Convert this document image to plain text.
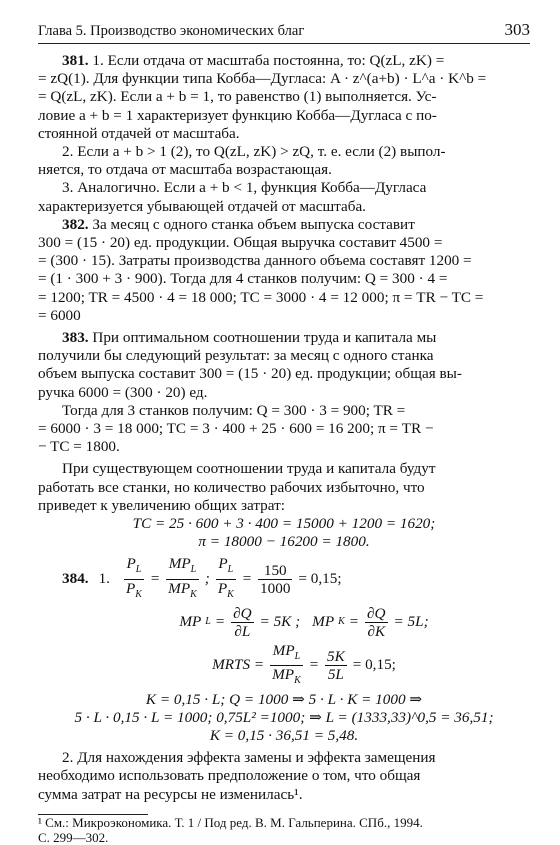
Глава 5. Производство экономических благ	303

381. 1. Если отдача от масштаба постоянна, то: Q(zL, zK) =

= zQ(1). Для функции типа Кобба—Дугласа: A · z^(a+b) · L^a · K^b =

= Q(zL, zK). Если a + b = 1, то равенство (1) выполняется. Ус-

ловие a + b = 1 характеризует функцию Кобба—Дугласа с по-

стоянной отдачей от масштаба.

2. Если a + b > 1 (2), то Q(zL, zK) > zQ, т. е. если (2) выпол-

няется, то отдача от масштаба возрастающая.

3. Аналогично. Если a + b < 1, функция Кобба—Дугласа

характеризуется убывающей отдачей от масштаба.

382. За месяц с одного станка объем выпуска составит

300 = (15 · 20) ед. продукции. Общая выручка составит 4500 =

= (300 · 15). Затраты производства данного объема составят 1200 =

= (1 · 300 + 3 · 900). Тогда для 4 станков получим: Q = 300 · 4 =

= 1200; TR = 4500 · 4 = 18 000; TC = 3000 · 4 = 12 000; π = TR − TC =

= 6000

383. При оптимальном соотношении труда и капитала мы

получили бы следующий результат: за месяц с одного станка

объем выпуска составит 300 = (15 · 20) ед. продукции; общая вы-

ручка 6000 = (300 · 20) ед.

Тогда для 3 станков получим: Q = 300 · 3 = 900; TR =

= 6000 · 3 = 18 000; TC = 3 · 400 + 25 · 600 = 16 200; π = TR −

− TC = 1800.

При существующем соотношении труда и капитала будут

работать все станки, но количество рабочих избыточно, что

приведет к увеличению общих затрат:

TC = 25 · 600 + 3 · 400 = 15000 + 1200 = 1620;

π = 18000 − 16200 = 1800.

384. 1. $\frac{P_L}{P_K} = \frac{MP_L}{MP_K}$ ; $\frac{P_L}{P_K} = \frac{150}{1000} = 0,15$;
MP $L = \frac{\partial Q}{\partial L} = 5K$ ; MP $K = \frac{\partial Q}{\partial K} = 5L$;
MRTS = $\frac{MP_L}{MP_K} = \frac{5K}{5L} = 0,15$;

K = 0,15 · L; Q = 1000 ⇒ 5 · L · K = 1000 ⇒

5 · L · 0,15 · L = 1000; 0,75L² =1000; ⇒ L = (1333,33)^0,5 = 36,51;

K = 0,15 · 36,51 = 5,48.

2. Для нахождения эффекта замены и эффекта замещения

необходимо использовать предположение о том, что общая

сумма затрат на ресурсы не изменилась¹.

¹ См.: Микроэкономика. Т. 1 / Под ред. В. М. Гальперина. СПб., 1994.
С. 299—302.
